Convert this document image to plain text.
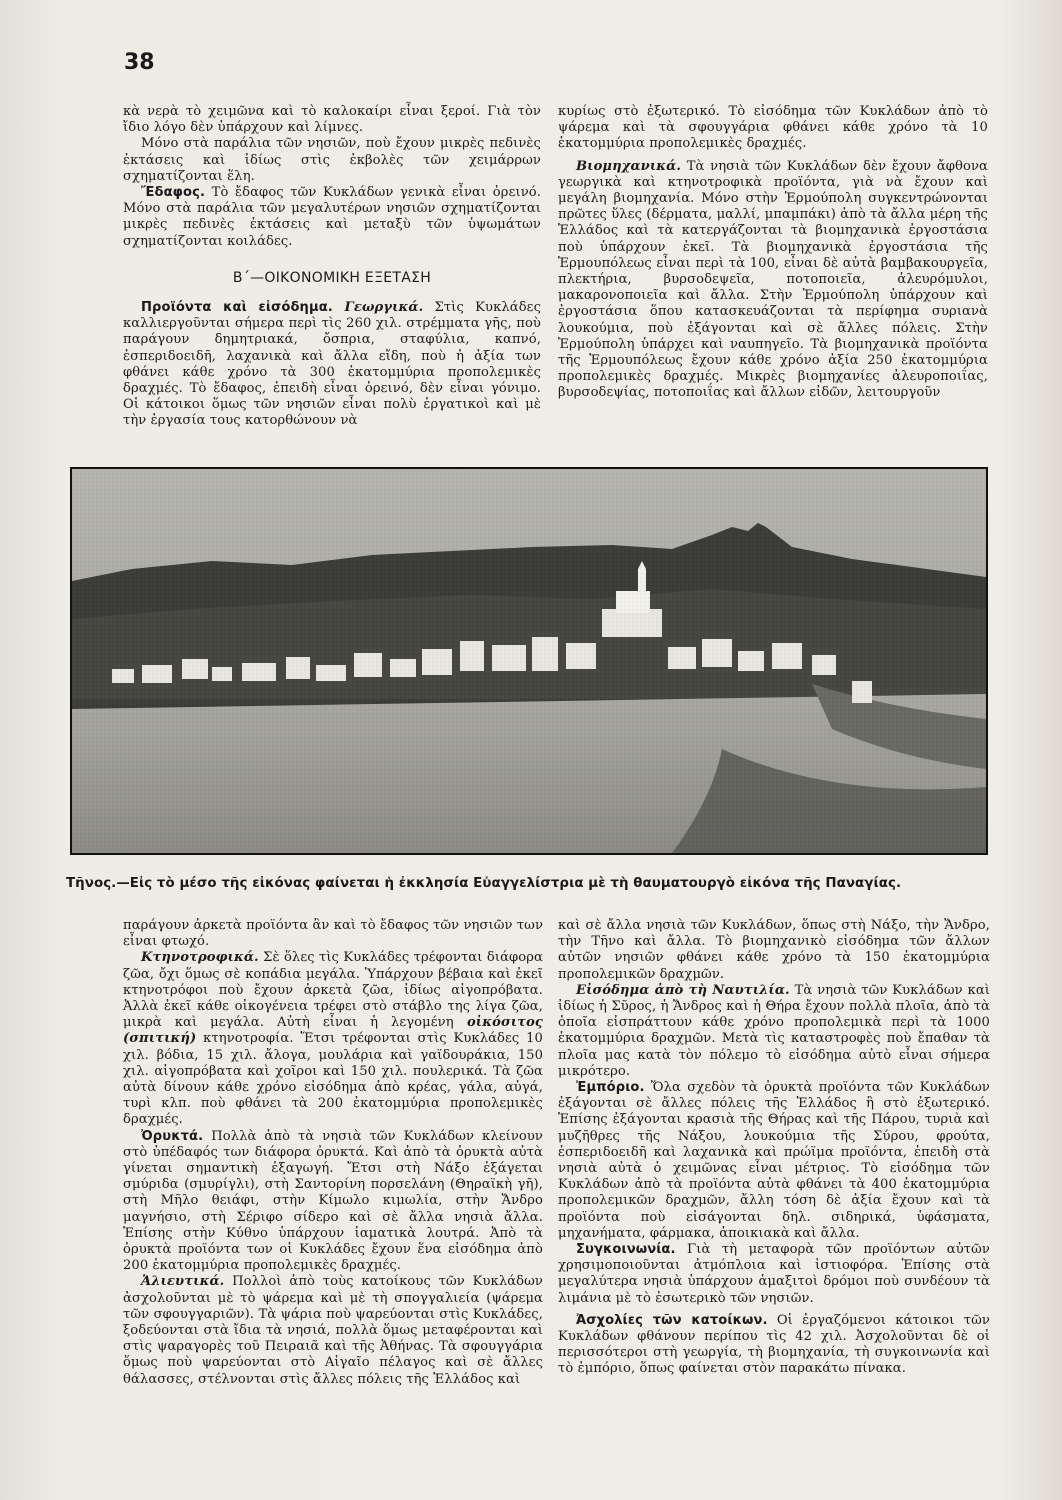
38

κὰ νερὰ τὸ χειμῶνα καὶ τὸ καλοκαίρι εἶναι ξεροί. Γιὰ τὸν ἴδιο λόγο δὲν ὑπάρχουν καὶ λίμνες.

Μόνο στὰ παράλια τῶν νησιῶν, ποὺ ἔχουν μικρὲς πεδινὲς ἐκτάσεις καὶ ἰδίως στὶς ἐκβολὲς τῶν χειμάρρων σχηματίζονται ἕλη.

Ἔδαφος. Τὸ ἔδαφος τῶν Κυκλάδων γενικὰ εἶναι ὀρεινό. Μόνο στὰ παράλια τῶν μεγαλυτέρων νησιῶν σχηματίζονται μικρὲς πεδινὲς ἐκτάσεις καὶ μεταξὺ τῶν ὑψωμάτων σχηματίζονται κοιλάδες.

Β΄—ΟΙΚΟΝΟΜΙΚΗ ΕΞΕΤΑΣΗ

Προϊόντα καὶ εἰσόδημα. Γεωργικά. Στὶς Κυκλάδες καλλιεργοῦνται σήμερα περὶ τὶς 260 χιλ. στρέμματα γῆς, ποὺ παράγουν δημητριακά, ὄσπρια, σταφύλια, καπνό, ἐσπεριδοειδῆ, λαχανικὰ καὶ ἄλλα εἴδη, ποὺ ἡ ἀξία των φθάνει κάθε χρόνο τὰ 300 ἑκατομμύρια προπολεμικὲς δραχμές. Τὸ ἔδαφος, ἐπειδὴ εἶναι ὀρεινό, δὲν εἶναι γόνιμο. Οἱ κάτοικοι ὅμως τῶν νησιῶν εἶναι πολὺ ἐργατικοὶ καὶ μὲ τὴν ἐργασία τους κατορθώνουν νὰ

κυρίως στὸ ἐξωτερικό. Τὸ εἰσόδημα τῶν Κυκλάδων ἀπὸ τὸ ψάρεμα καὶ τὰ σφουγγάρια φθάνει κάθε χρόνο τὰ 10 ἑκατομμύρια προπολεμικὲς δραχμές.

Βιομηχανικά. Τὰ νησιὰ τῶν Κυκλάδων δὲν ἔχουν ἄφθονα γεωργικὰ καὶ κτηνοτροφικὰ προϊόντα, γιὰ νὰ ἔχουν καὶ μεγάλη βιομηχανία. Μόνο στὴν Ἑρμούπολη συγκεντρώνονται πρῶτες ὕλες (δέρματα, μαλλί, μπαμπάκι) ἀπὸ τὰ ἄλλα μέρη τῆς Ἑλλάδος καὶ τὰ κατεργάζονται τὰ βιομηχανικὰ ἐργοστάσια ποὺ ὑπάρχουν ἐκεῖ. Τὰ βιομηχανικὰ ἐργοστάσια τῆς Ἑρμουπόλεως εἶναι περὶ τὰ 100, εἶναι δὲ αὐτὰ βαμβακουργεῖα, πλεκτήρια, βυρσοδεψεῖα, ποτοποιεῖα, ἀλευρόμυλοι, μακαρονοποιεῖα καὶ ἄλλα. Στὴν Ἑρμούπολη ὑπάρχουν καὶ ἐργοστάσια ὅπου κατασκευάζονται τὰ περίφημα συριανὰ λουκούμια, ποὺ ἐξάγονται καὶ σὲ ἄλλες πόλεις. Στὴν Ἑρμούπολη ὑπάρχει καὶ ναυπηγεῖο. Τὰ βιομηχανικὰ προϊόντα τῆς Ἑρμουπόλεως ἔχουν κάθε χρόνο ἀξία 250 ἑκατομμύρια προπολεμικὲς δραχμές. Μικρὲς βιομηχανίες ἀλευροποιΐας, βυρσοδεψίας, ποτοποιΐας καὶ ἄλλων εἰδῶν, λειτουργοῦν

Τῆνος.—Εἰς τὸ μέσο τῆς εἰκόνας φαίνεται ἡ ἐκκλησία Εὐαγγελίστρια μὲ τὴ θαυματουργὸ εἰκόνα τῆς Παναγίας.

παράγουν ἀρκετὰ προϊόντα ἂν καὶ τὸ ἔδαφος τῶν νησιῶν των εἶναι φτωχό.

Κτηνοτροφικά. Σὲ ὅλες τὶς Κυκλάδες τρέφονται διάφορα ζῶα, ὄχι ὅμως σὲ κοπάδια μεγάλα. Ὑπάρχουν βέβαια καὶ ἐκεῖ κτηνοτρόφοι ποὺ ἔχουν ἀρκετὰ ζῶα, ἰδίως αἰγοπρόβατα. Ἀλλὰ ἐκεῖ κάθε οἰκογένεια τρέφει στὸ στάβλο της λίγα ζῶα, μικρὰ καὶ μεγάλα. Αὐτὴ εἶναι ἡ λεγομένη οἰκόσιτος (σπιτική) κτηνοτροφία. Ἔτσι τρέφονται στὶς Κυκλάδες 10 χιλ. βόδια, 15 χιλ. ἄλογα, μουλάρια καὶ γαϊδουράκια, 150 χιλ. αἰγοπρόβατα καὶ χοῖροι καὶ 150 χιλ. πουλερικά. Τὰ ζῶα αὐτὰ δίνουν κάθε χρόνο εἰσόδημα ἀπὸ κρέας, γάλα, αὐγά, τυρὶ κλπ. ποὺ φθάνει τὰ 200 ἑκατομμύρια προπολεμικὲς δραχμές.

Ὀρυκτά. Πολλὰ ἀπὸ τὰ νησιὰ τῶν Κυκλάδων κλείνουν στὸ ὑπέδαφός των διάφορα ὀρυκτά. Καὶ ἀπὸ τὰ ὀρυκτὰ αὐτὰ γίνεται σημαντικὴ ἐξαγωγή. Ἔτσι στὴ Νάξο ἐξάγεται σμύριδα (σμυρίγλι), στὴ Σαντορίνη πορσελάνη (Θηραϊκὴ γῆ), στὴ Μῆλο θειάφι, στὴν Κίμωλο κιμωλία, στὴν Ἄνδρο μαγνήσιο, στὴ Σέριφο σίδερο καὶ σὲ ἄλλα νησιὰ ἄλλα. Ἐπίσης στὴν Κύθνο ὑπάρχουν ἰαματικὰ λουτρά. Ἀπὸ τὰ ὀρυκτὰ προϊόντα των οἱ Κυκλάδες ἔχουν ἕνα εἰσόδημα ἀπὸ 200 ἑκατομμύρια προπολεμικὲς δραχμές.

Ἁλιευτικά. Πολλοὶ ἀπὸ τοὺς κατοίκους τῶν Κυκλάδων ἀσχολοῦνται μὲ τὸ ψάρεμα καὶ μὲ τὴ σπογγαλιεία (ψάρεμα τῶν σφουγγαριῶν). Τὰ ψάρια ποὺ ψαρεύονται στὶς Κυκλάδες, ξοδεύονται στὰ ἴδια τὰ νησιά, πολλὰ ὅμως μεταφέρονται καὶ στὶς ψαραγορὲς τοῦ Πειραιᾶ καὶ τῆς Ἀθήνας. Τὰ σφουγγάρια ὅμως ποὺ ψαρεύονται στὸ Αἰγαῖο πέλαγος καὶ σὲ ἄλλες θάλασσες, στέλνονται στὶς ἄλλες πόλεις τῆς Ἑλλάδος καὶ

καὶ σὲ ἄλλα νησιὰ τῶν Κυκλάδων, ὅπως στὴ Νάξο, τὴν Ἄνδρο, τὴν Τῆνο καὶ ἄλλα. Τὸ βιομηχανικὸ εἰσόδημα τῶν ἄλλων αὐτῶν νησιῶν φθάνει κάθε χρόνο τὰ 150 ἑκατομμύρια προπολεμικῶν δραχμῶν.

Εἰσόδημα ἀπὸ τὴ Ναυτιλία. Τὰ νησιὰ τῶν Κυκλάδων καὶ ἰδίως ἡ Σῦρος, ἡ Ἄνδρος καὶ ἡ Θήρα ἔχουν πολλὰ πλοῖα, ἀπὸ τὰ ὁποῖα εἰσπράττουν κάθε χρόνο προπολεμικὰ περὶ τὰ 1000 ἑκατομμύρια δραχμῶν. Μετὰ τὶς καταστροφὲς ποὺ ἔπαθαν τὰ πλοῖα μας κατὰ τὸν πόλεμο τὸ εἰσόδημα αὐτὸ εἶναι σήμερα μικρότερο.

Ἐμπόριο. Ὅλα σχεδὸν τὰ ὀρυκτὰ προϊόντα τῶν Κυκλάδων ἐξάγονται σὲ ἄλλες πόλεις τῆς Ἑλλάδος ἢ στὸ ἐξωτερικό. Ἐπίσης ἐξάγονται κρασιὰ τῆς Θήρας καὶ τῆς Πάρου, τυριὰ καὶ μυζῆθρες τῆς Νάξου, λουκούμια τῆς Σύρου, φρούτα, ἐσπεριδοειδῆ καὶ λαχανικὰ καὶ πρώϊμα προϊόντα, ἐπειδὴ στὰ νησιὰ αὐτὰ ὁ χειμῶνας εἶναι μέτριος. Τὸ εἰσόδημα τῶν Κυκλάδων ἀπὸ τὰ προϊόντα αὐτὰ φθάνει τὰ 400 ἑκατομμύρια προπολεμικῶν δραχμῶν, ἄλλη τόση δὲ ἀξία ἔχουν καὶ τὰ προϊόντα ποὺ εἰσάγονται δηλ. σιδηρικά, ὑφάσματα, μηχανήματα, φάρμακα, ἀποικιακὰ καὶ ἄλλα.

Συγκοινωνία. Γιὰ τὴ μεταφορὰ τῶν προϊόντων αὐτῶν χρησιμοποιοῦνται ἀτμόπλοια καὶ ἱστιοφόρα. Ἐπίσης στὰ μεγαλύτερα νησιὰ ὑπάρχουν ἁμαξιτοὶ δρόμοι ποὺ συνδέουν τὰ λιμάνια μὲ τὸ ἐσωτερικὸ τῶν νησιῶν.

Ἀσχολίες τῶν κατοίκων. Οἱ ἐργαζόμενοι κάτοικοι τῶν Κυκλάδων φθάνουν περίπου τὶς 42 χιλ. Ἀσχολοῦνται δὲ οἱ περισσότεροι στὴ γεωργία, τὴ βιομηχανία, τὴ συγκοινωνία καὶ τὸ ἐμπόριο, ὅπως φαίνεται στὸν παρακάτω πίνακα.
